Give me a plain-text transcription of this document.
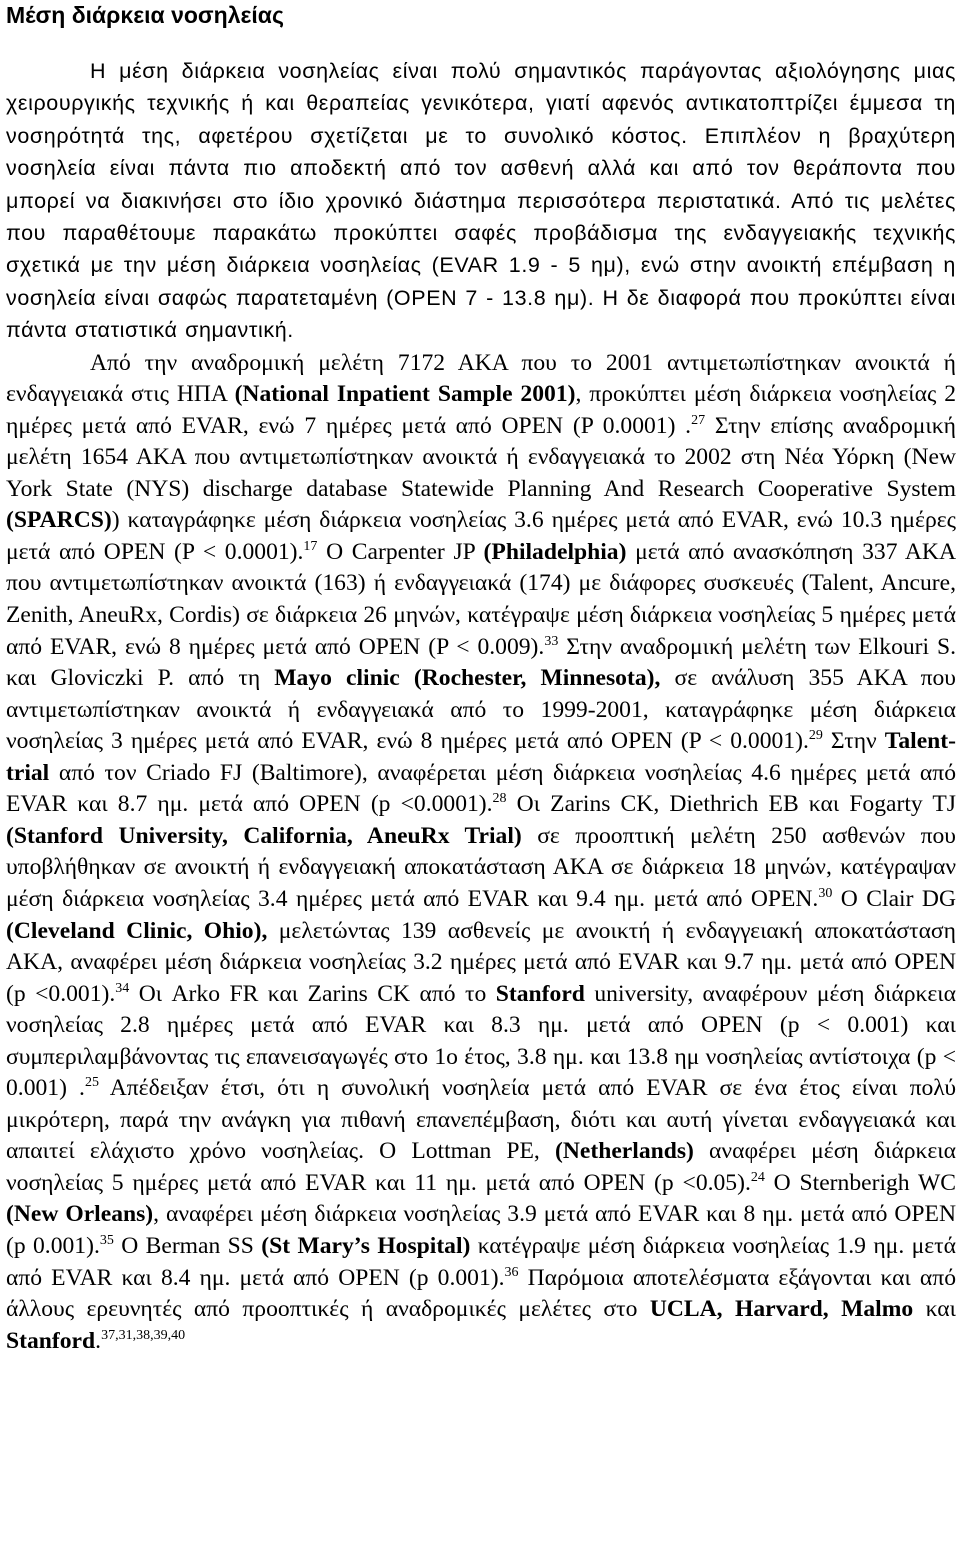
Μέση διάρκεια νοσηλείας

Η μέση διάρκεια νοσηλείας είναι πολύ σημαντικός παράγοντας αξιολόγησης μιας χειρουργικής τεχνικής ή και θεραπείας γενικότερα, γιατί αφενός αντικατοπτρίζει έμμεσα τη νοσηρότητά της, αφετέρου σχετίζεται με το συνολικό κόστος. Επιπλέον η βραχύτερη νοσηλεία είναι πάντα πιο αποδεκτή από τον ασθενή αλλά και από τον θεράποντα που μπορεί να διακινήσει στο ίδιο χρονικό διάστημα περισσότερα περιστατικά. Από τις μελέτες που παραθέτουμε παρακάτω προκύπτει σαφές προβάδισμα της ενδαγγειακής τεχνικής σχετικά με την μέση διάρκεια νοσηλείας (EVAR 1.9 - 5 ημ), ενώ στην ανοικτή επέμβαση η νοσηλεία είναι σαφώς παρατεταμένη (OPEN 7 - 13.8 ημ). Η δε διαφορά που προκύπτει είναι πάντα στατιστικά σημαντική.

Από την αναδρομική μελέτη 7172 ΑΚΑ που το 2001 αντιμετωπίστηκαν ανοικτά ή ενδαγγειακά στις ΗΠΑ (National Inpatient Sample 2001), προκύπτει μέση διάρκεια νοσηλείας 2 ημέρες μετά από EVAR, ενώ 7 ημέρες μετά από OPEN (P 0.0001) .$^{27}$ Στην επίσης αναδρομική μελέτη 1654 ΑΚΑ που αντιμετωπίστηκαν ανοικτά ή ενδαγγειακά το 2002 στη Νέα Υόρκη (New York State (NYS) discharge database Statewide Planning And Research Cooperative System (SPARCS)) καταγράφηκε μέση διάρκεια νοσηλείας 3.6 ημέρες μετά από EVAR, ενώ 10.3 ημέρες μετά από OPEN (P < 0.0001).$^{17}$ Ο Carpenter JP (Philadelphia) μετά από ανασκόπηση 337 ΑΚΑ που αντιμετωπίστηκαν ανοικτά (163) ή ενδαγγειακά (174) με διάφορες συσκευές (Talent, Ancure, Zenith, AneuRx, Cordis) σε διάρκεια 26 μηνών, κατέγραψε μέση διάρκεια νοσηλείας 5 ημέρες μετά από EVAR, ενώ 8 ημέρες μετά από OPEN (P < 0.009).$^{33}$ Στην αναδρομική μελέτη των Elkouri S. και Gloviczki P. από τη Mayo clinic (Rochester, Minnesota), σε ανάλυση 355 ΑΚΑ που αντιμετωπίστηκαν ανοικτά ή ενδαγγειακά από το 1999-2001, καταγράφηκε μέση διάρκεια νοσηλείας 3 ημέρες μετά από EVAR, ενώ 8 ημέρες μετά από OPEN (P < 0.0001).$^{29}$ Στην Talent-trial από τον Criado FJ (Baltimore), αναφέρεται μέση διάρκεια νοσηλείας 4.6 ημέρες μετά από EVAR και 8.7 ημ. μετά από OPEN (p <0.0001).$^{28}$ Οι Zarins CK, Diethrich EB και Fogarty TJ (Stanford University, California, AneuRx Trial) σε προοπτική μελέτη 250 ασθενών που υποβλήθηκαν σε ανοικτή ή ενδαγγειακή αποκατάσταση ΑΚΑ σε διάρκεια 18 μηνών, κατέγραψαν μέση διάρκεια νοσηλείας 3.4 ημέρες μετά από EVAR και 9.4 ημ. μετά από OPEN.$^{30}$ O Clair DG (Cleveland Clinic, Ohio), μελετώντας 139 ασθενείς με ανοικτή ή ενδαγγειακή αποκατάσταση ΑΚΑ, αναφέρει μέση διάρκεια νοσηλείας 3.2 ημέρες μετά από EVAR και 9.7 ημ. μετά από OPEN (p <0.001).$^{34}$ Οι Arko FR και Zarins CK από το Stanford university, αναφέρουν μέση διάρκεια νοσηλείας 2.8 ημέρες μετά από EVAR και 8.3 ημ. μετά από OPEN (p < 0.001) και συμπεριλαμβάνοντας τις επανεισαγωγές στο 1ο έτος, 3.8 ημ. και 13.8 ημ νοσηλείας αντίστοιχα (p < 0.001) .$^{25}$ Απέδειξαν έτσι, ότι η συνολική νοσηλεία μετά από EVAR σε ένα έτος είναι πολύ μικρότερη, παρά την ανάγκη για πιθανή επανεπέμβαση, διότι και αυτή γίνεται ενδαγγειακά και απαιτεί ελάχιστο χρόνο νοσηλείας. Ο Lottman PE, (Netherlands) αναφέρει μέση διάρκεια νοσηλείας 5 ημέρες μετά από EVAR και 11 ημ. μετά από OPEN (p <0.05).$^{24}$ O Sternberigh WC (New Orleans), αναφέρει μέση διάρκεια νοσηλείας 3.9 μετά από EVAR και 8 ημ. μετά από OPEN (p 0.001).$^{35}$ O Berman SS (St Mary’s Hospital) κατέγραψε μέση διάρκεια νοσηλείας 1.9 ημ. μετά από EVAR και 8.4 ημ. μετά από OPEN (p 0.001).$^{36}$ Παρόμοια αποτελέσματα εξάγονται και από άλλους ερευνητές από προοπτικές ή αναδρομικές μελέτες στο UCLA, Harvard, Malmo και Stanford.$^{37,31,38,39,40}$
